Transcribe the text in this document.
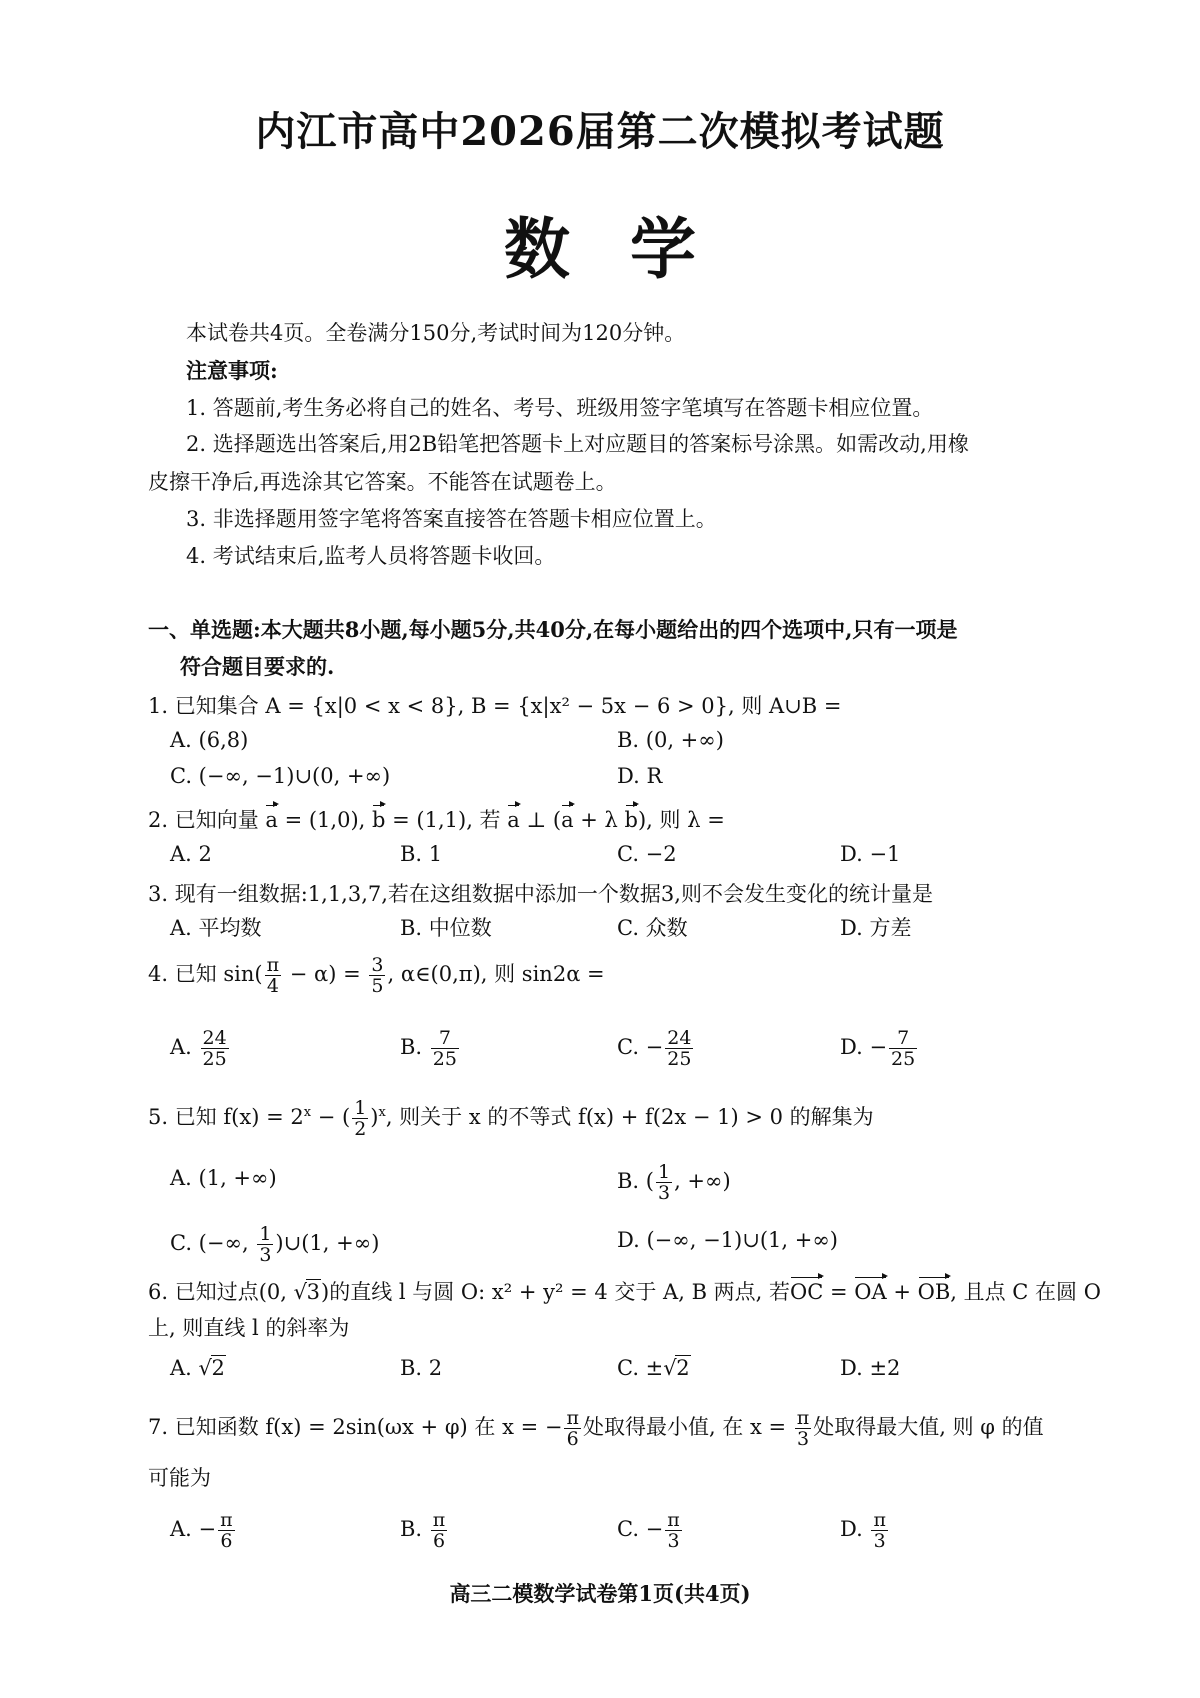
内江市高中2026届第二次模拟考试题
数学
本试卷共4页。全卷满分150分,考试时间为120分钟。
注意事项:
1. 答题前,考生务必将自己的姓名、考号、班级用签字笔填写在答题卡相应位置。
2. 选择题选出答案后,用2B铅笔把答题卡上对应题目的答案标号涂黑。如需改动,用橡
皮擦干净后,再选涂其它答案。不能答在试题卷上。
3. 非选择题用签字笔将答案直接答在答题卡相应位置上。
4. 考试结束后,监考人员将答题卡收回。
一、单选题:本大题共8小题,每小题5分,共40分,在每小题给出的四个选项中,只有一项是
符合题目要求的.
1. 已知集合 A = {x|0 < x < 8}, B = {x|x² − 5x − 6 > 0}, 则 A∪B =
A. (6,8)	B. (0, +∞)
C. (−∞, −1)∪(0, +∞)	D. R
2. 已知向量 a = (1,0), b = (1,1), 若 a ⊥ (a + λ b), 则 λ =
A. 2	B. 1	C. −2	D. −1
3. 现有一组数据:1,1,3,7,若在这组数据中添加一个数据3,则不会发生变化的统计量是
A. 平均数	B. 中位数	C. 众数	D. 方差
4. 已知 $\sin( \frac{\pi}{4} - \alpha) = \frac{3}{5}$ , α∈(0,π), 则 sin2α =
A. $\frac{24}{25}$	B. $\frac{7}{25}$	C. − $\frac{24}{25}$	D. − $\frac{7}{25}$
5. 已知 $f(x) = 2^x$ − ( $\frac{1}{2} )^x$, 则关于 x 的不等式 f(x) + f(2x − 1) > 0 的解集为
A. (1, +∞)	B. ( $\frac{1}{3}$ , +∞)
C. (−∞, $\frac{1}{3}$ )∪(1, +∞)	D. (−∞, −1)∪(1, +∞)
6. 已知过点(0, √ 3)的直线 l 与圆 O: x² + y² = 4 交于 A, B 两点, 若OC = OA + OB, 且点 C 在圆 O
上, 则直线 l 的斜率为
A. √ 2	B. 2	C. ±√ 2	D. ±2
7. 已知函数 f(x) = 2sin(ωx + φ) 在 x = − $\frac{\pi}{6}$ 处取得最小值, 在 $x = \frac{\pi}{3}$ 处取得最大值, 则 φ 的值
可能为
A. − $\frac{\pi}{6}$	B. $\frac{\pi}{6}$	C. − $\frac{\pi}{3}$	D. $\frac{\pi}{3}$
高三二模数学试卷第1页(共4页)
